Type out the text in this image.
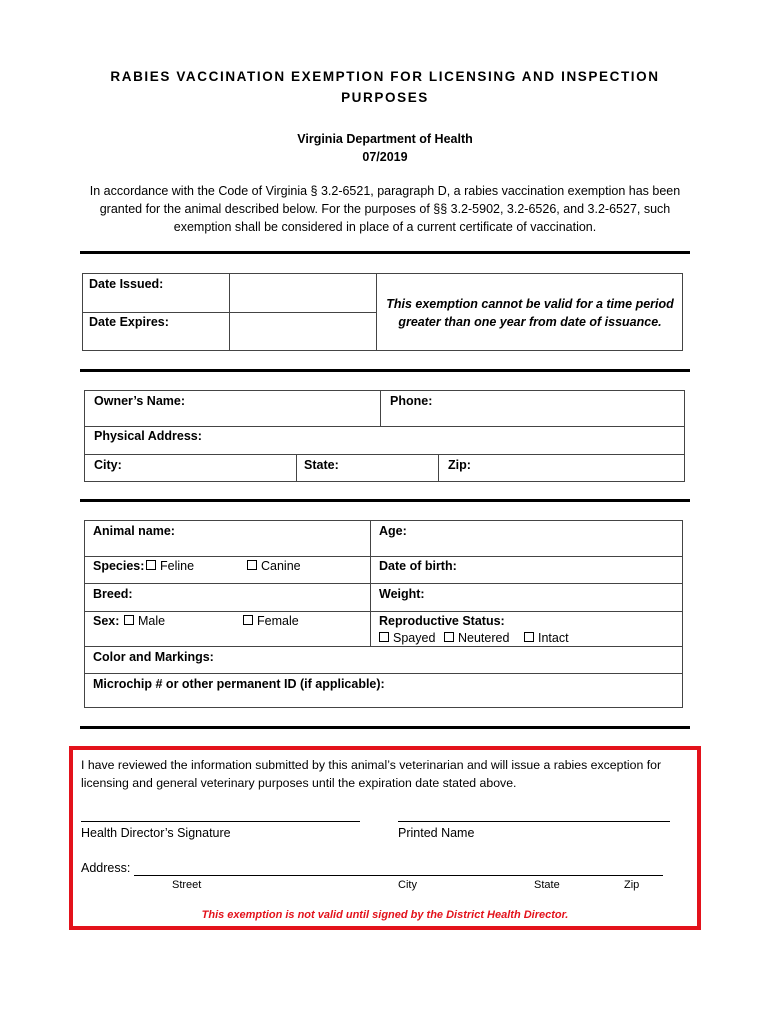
RABIES VACCINATION EXEMPTION FOR LICENSING AND INSPECTION
PURPOSES
Virginia Department of Health
07/2019
In accordance with the Code of Virginia § 3.2-6521, paragraph D, a rabies vaccination exemption has been
granted for the animal described below. For the purposes of §§ 3.2-5902, 3.2-6526, and 3.2-6527, such
exemption shall be considered in place of a current certificate of vaccination.
Date Issued:
Date Expires:
This exemption cannot be valid for a time period
greater than one year from date of issuance.
Owner’s Name:	Phone:
Physical Address:
City:	State:	Zip:
Animal name:	Age:
Species:	Feline	Canine	Date of birth:
Breed:	Weight:
Sex:	Male	Female	Reproductive Status:
Spayed	Neutered	Intact
Color and Markings:
Microchip # or other permanent ID (if applicable):
I have reviewed the information submitted by this animal’s veterinarian and will issue a rabies exception for
licensing and general veterinary purposes until the expiration date stated above.
Health Director’s Signature	Printed Name
Address:
Street	City	State	Zip
This exemption is not valid until signed by the District Health Director.
